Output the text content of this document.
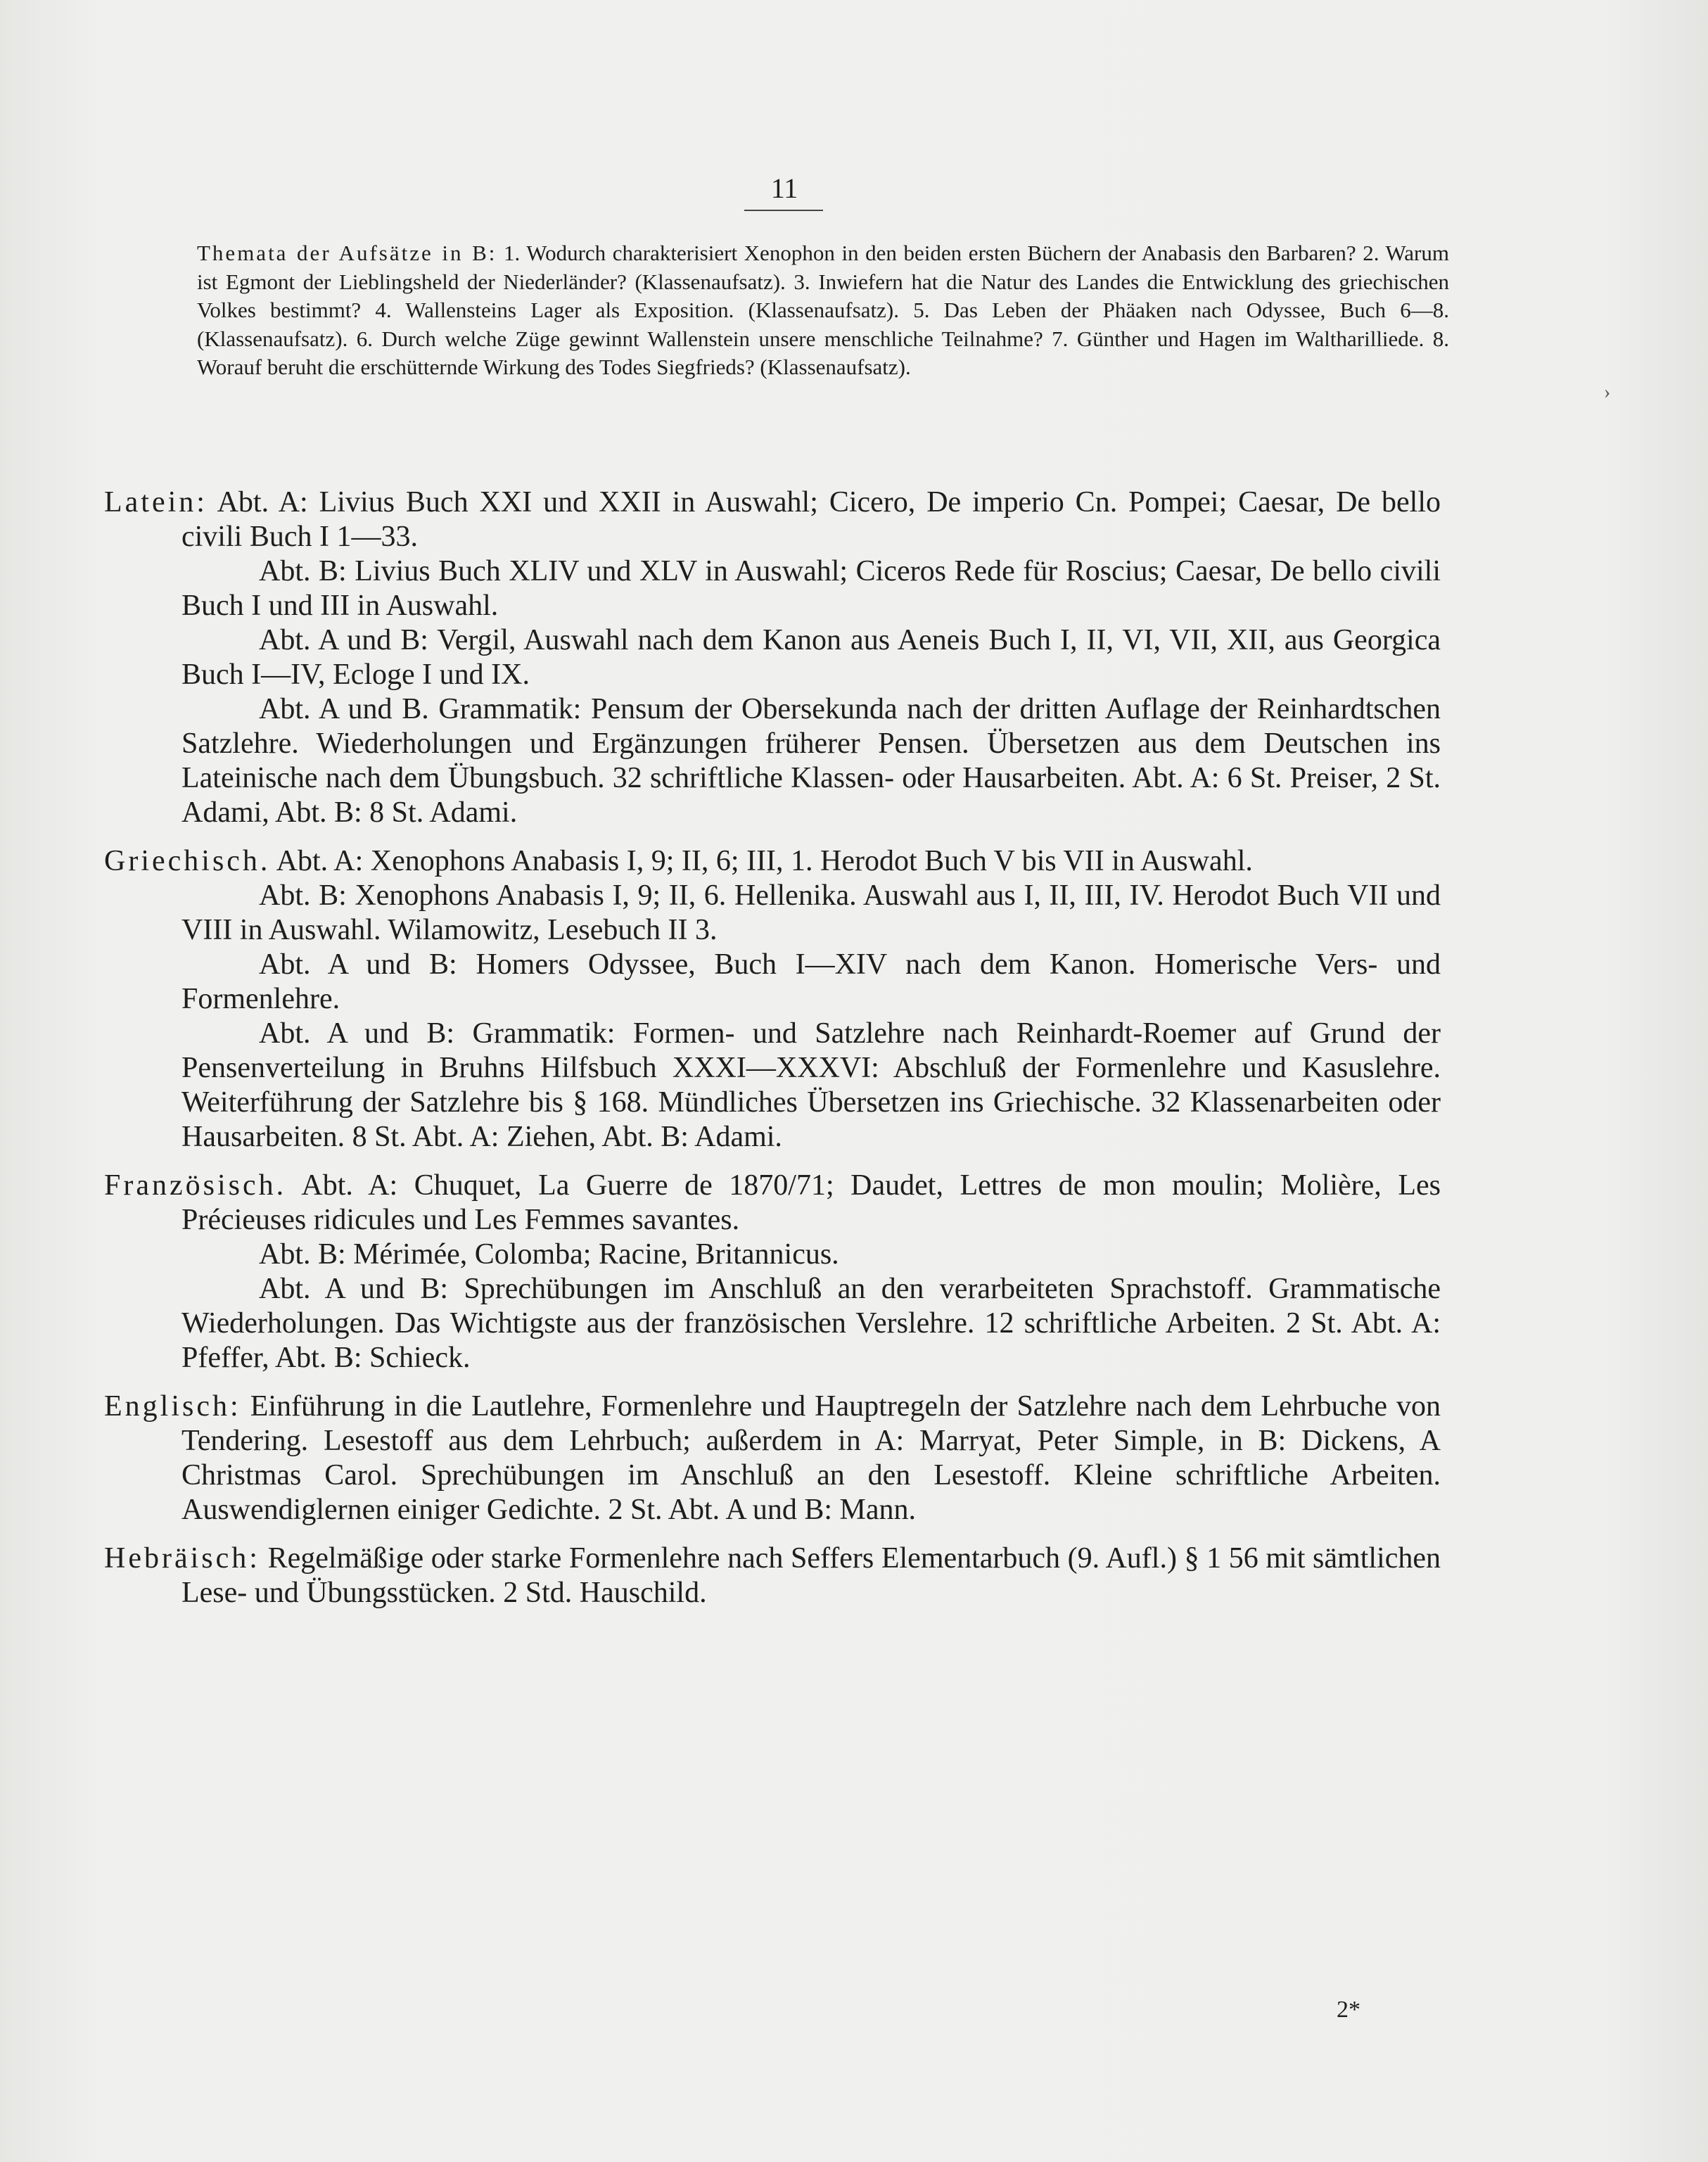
11
›
Themata der Aufsätze in B: 1. Wodurch charakterisiert Xenophon in den beiden ersten Büchern der Anabasis den Barbaren? 2. Warum ist Egmont der Lieblingsheld der Niederländer? (Klassenaufsatz). 3. Inwiefern hat die Natur des Landes die Entwicklung des griechischen Volkes bestimmt? 4. Wallensteins Lager als Exposition. (Klassenaufsatz). 5. Das Leben der Phäaken nach Odyssee, Buch 6—8. (Klassenaufsatz). 6. Durch welche Züge gewinnt Wallenstein unsere menschliche Teilnahme? 7. Günther und Hagen im Waltharilliede. 8. Worauf beruht die erschütternde Wirkung des Todes Siegfrieds? (Klassenaufsatz).
Latein: Abt. A: Livius Buch XXI und XXII in Auswahl; Cicero, De imperio Cn. Pompei; Caesar, De bello civili Buch I 1—33.
Abt. B: Livius Buch XLIV und XLV in Auswahl; Ciceros Rede für Roscius; Caesar, De bello civili Buch I und III in Auswahl.
Abt. A und B: Vergil, Auswahl nach dem Kanon aus Aeneis Buch I, II, VI, VII, XII, aus Georgica Buch I—IV, Ecloge I und IX.
Abt. A und B. Grammatik: Pensum der Obersekunda nach der dritten Auflage der Reinhardtschen Satzlehre. Wiederholungen und Ergänzungen früherer Pensen. Übersetzen aus dem Deutschen ins Lateinische nach dem Übungsbuch. 32 schriftliche Klassen- oder Hausarbeiten. Abt. A: 6 St. Preiser, 2 St. Adami, Abt. B: 8 St. Adami.
Griechisch. Abt. A: Xenophons Anabasis I, 9; II, 6; III, 1. Herodot Buch V bis VII in Auswahl.
Abt. B: Xenophons Anabasis I, 9; II, 6. Hellenika. Auswahl aus I, II, III, IV. Herodot Buch VII und VIII in Auswahl. Wilamowitz, Lesebuch II 3.
Abt. A und B: Homers Odyssee, Buch I—XIV nach dem Kanon. Homerische Vers- und Formenlehre.
Abt. A und B: Grammatik: Formen- und Satzlehre nach Reinhardt-Roemer auf Grund der Pensenverteilung in Bruhns Hilfsbuch XXXI—XXXVI: Abschluß der Formenlehre und Kasuslehre. Weiterführung der Satzlehre bis § 168. Mündliches Übersetzen ins Griechische. 32 Klassenarbeiten oder Hausarbeiten. 8 St. Abt. A: Ziehen, Abt. B: Adami.
Französisch. Abt. A: Chuquet, La Guerre de 1870/71; Daudet, Lettres de mon moulin; Molière, Les Précieuses ridicules und Les Femmes savantes.
Abt. B: Mérimée, Colomba; Racine, Britannicus.
Abt. A und B: Sprechübungen im Anschluß an den verarbeiteten Sprachstoff. Grammatische Wiederholungen. Das Wichtigste aus der französischen Verslehre. 12 schriftliche Arbeiten. 2 St. Abt. A: Pfeffer, Abt. B: Schieck.
Englisch: Einführung in die Lautlehre, Formenlehre und Hauptregeln der Satzlehre nach dem Lehrbuche von Tendering. Lesestoff aus dem Lehrbuch; außerdem in A: Marryat, Peter Simple, in B: Dickens, A Christmas Carol. Sprechübungen im Anschluß an den Lesestoff. Kleine schriftliche Arbeiten. Auswendiglernen einiger Gedichte. 2 St. Abt. A und B: Mann.
Hebräisch: Regelmäßige oder starke Formenlehre nach Seffers Elementarbuch (9. Aufl.) § 1 56 mit sämtlichen Lese- und Übungsstücken. 2 Std. Hauschild.
2*
